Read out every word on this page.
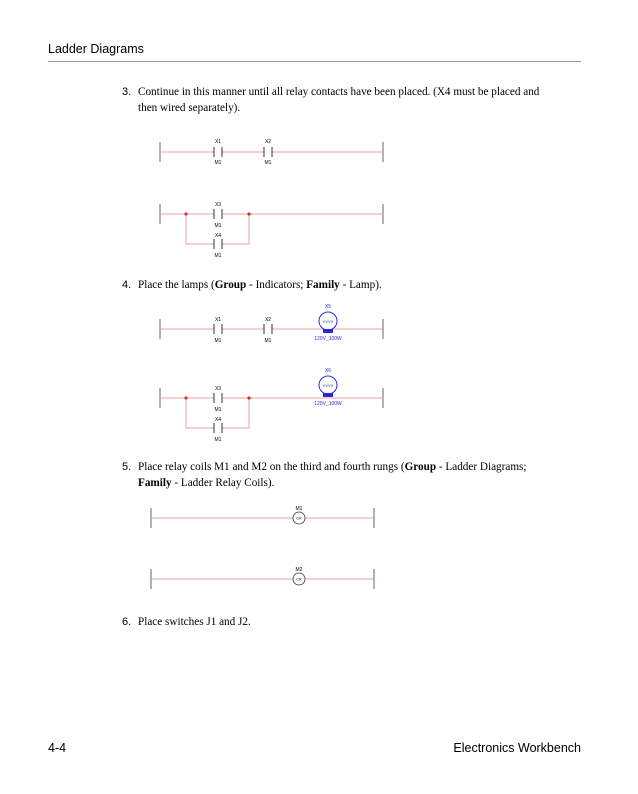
Ladder Diagrams
3. Continue in this manner until all relay contacts have been placed. (X4 must be placed and
then wired separately).
X1
M1
X2
M1
X3
M1
X4
M1
4. Place the lamps (Group - Indicators; Family - Lamp).
X1
M1
X2
M1
X5
VVVV
120V_100W
X3
M1
X4
M1
X6
VVVV
120V_100W
5. Place relay coils M1 and M2 on the third and fourth rungs (Group - Ladder Diagrams;
Family - Ladder Relay Coils).
M1
CR
M2
CR
6. Place switches J1 and J2.
4-4	Electronics Workbench
